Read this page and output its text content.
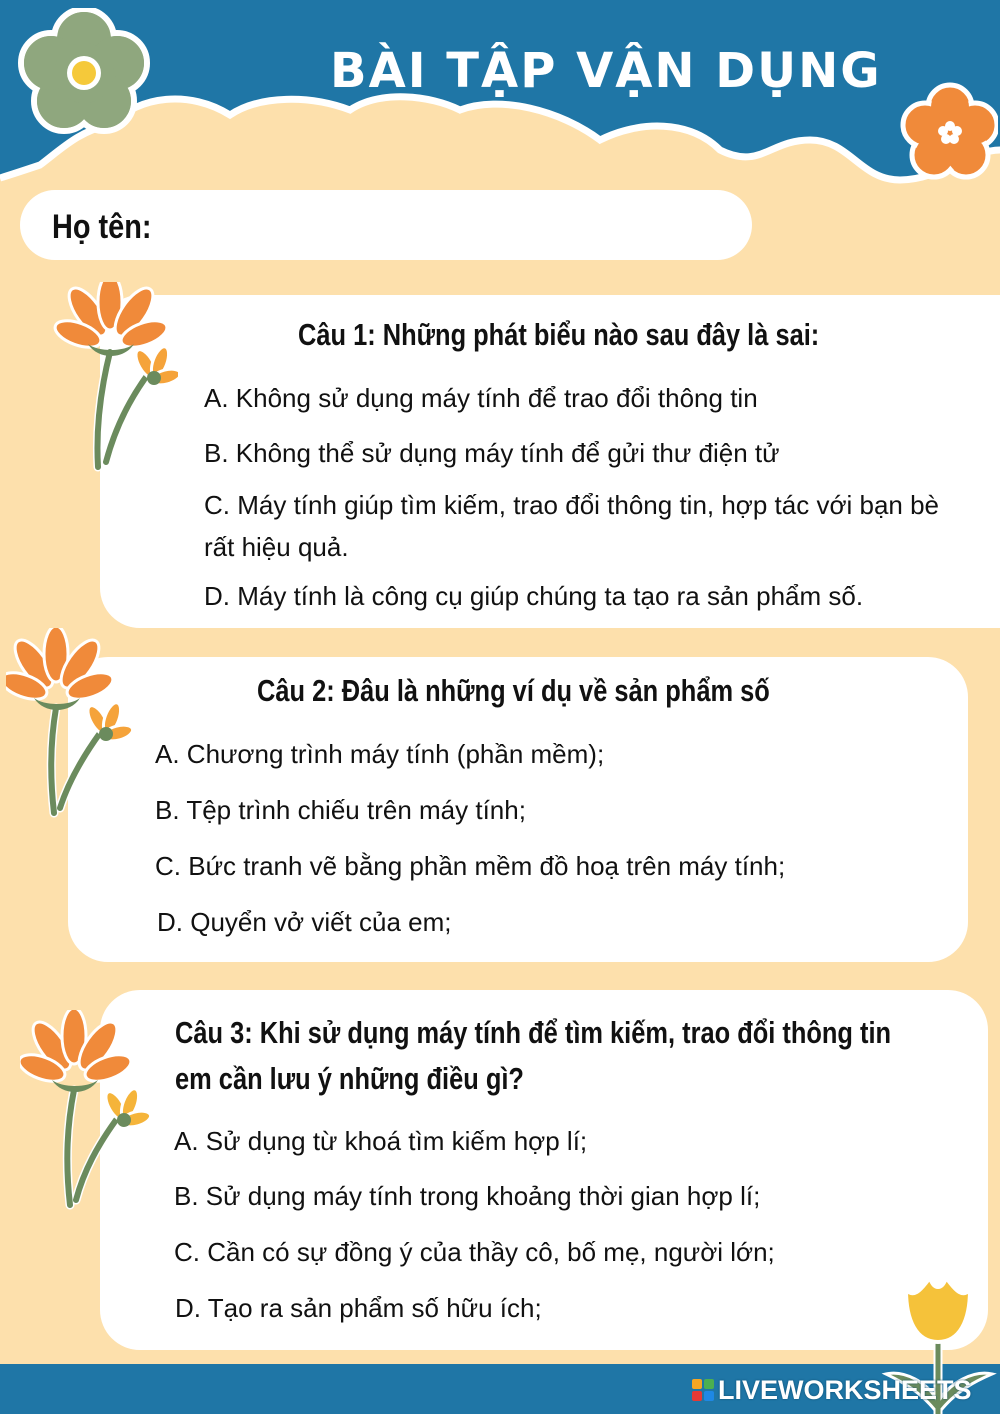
BÀI TẬP VẬN DỤNG
Họ tên:
Câu 1: Những phát biểu nào sau đây là sai:
A. Không sử dụng máy tính để trao đổi thông tin
B. Không thể sử dụng máy tính để gửi thư điện tử
C. Máy tính giúp tìm kiếm, trao đổi thông tin, hợp tác với bạn bè rất hiệu quả.
D. Máy tính là công cụ giúp chúng ta tạo ra sản phẩm số.
Câu 2: Đâu là những ví dụ về sản phẩm số
A. Chương trình máy tính (phần mềm);
B. Tệp trình chiếu trên máy tính;
C. Bức tranh vẽ bằng phần mềm đồ hoạ trên máy tính;
D. Quyển vở viết của em;
Câu 3: Khi sử dụng máy tính để tìm kiếm, trao đổi thông tin
em cần lưu ý những điều gì?
A. Sử dụng từ khoá tìm kiếm hợp lí;
B. Sử dụng máy tính trong khoảng thời gian hợp lí;
C. Cần có sự đồng ý của thầy cô, bố mẹ, người lớn;
D. Tạo ra sản phẩm số hữu ích;
LIVEWORKSHEETS
